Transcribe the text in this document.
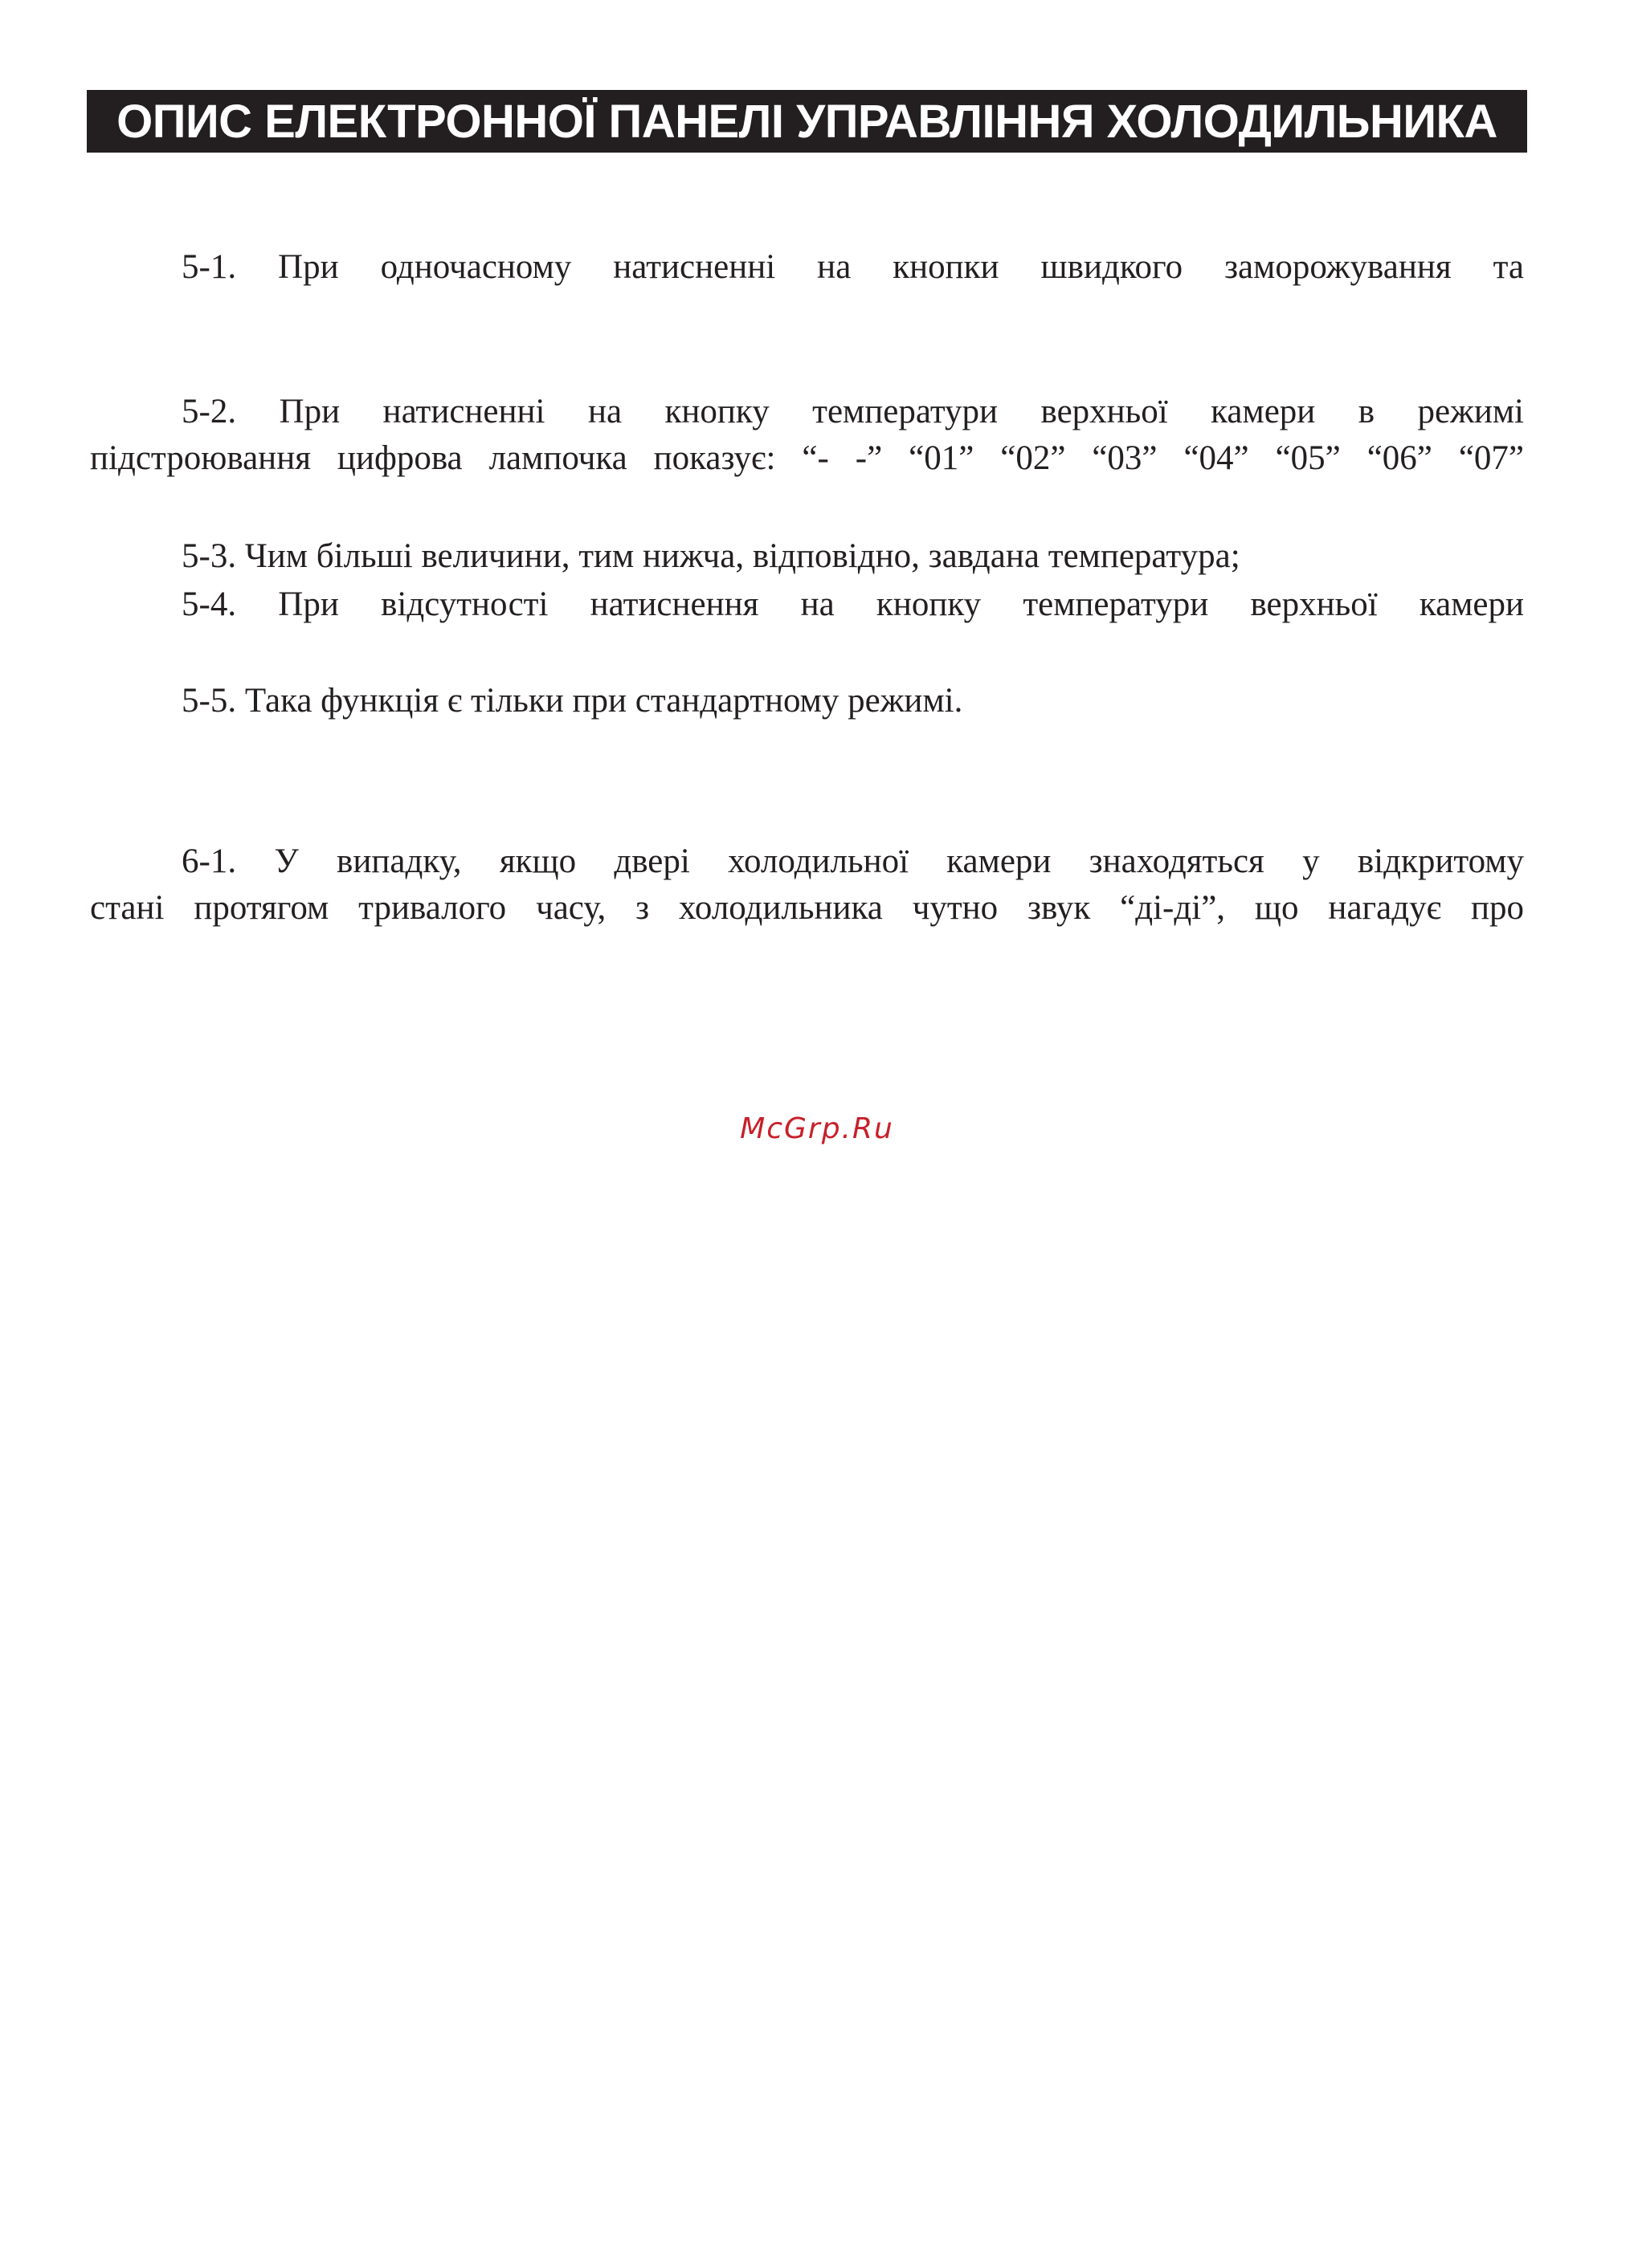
ОПИС ЕЛЕКТРОННОЇ ПАНЕЛІ УПРАВЛІННЯ ХОЛОДИЛЬНИКА
5-1. При одночасному натисненні на кнопки швидкого заморожування та
5-2. При натисненні на кнопку температури верхньої камери в режимі
підстроювання цифрова лампочка показує: “- -” “01” “02” “03” “04” “05” “06” “07”
5-3. Чим більші величини, тим нижча, відповідно, завдана температура;
5-4. При відсутності натиснення на кнопку температури верхньої камери
5-5. Така функція є тільки при стандартному режимі.
6-1. У випадку, якщо двері холодильної камери знаходяться у відкритому
стані протягом тривалого часу, з холодильника чутно звук “ді-ді”, що нагадує про
McGrp.Ru
